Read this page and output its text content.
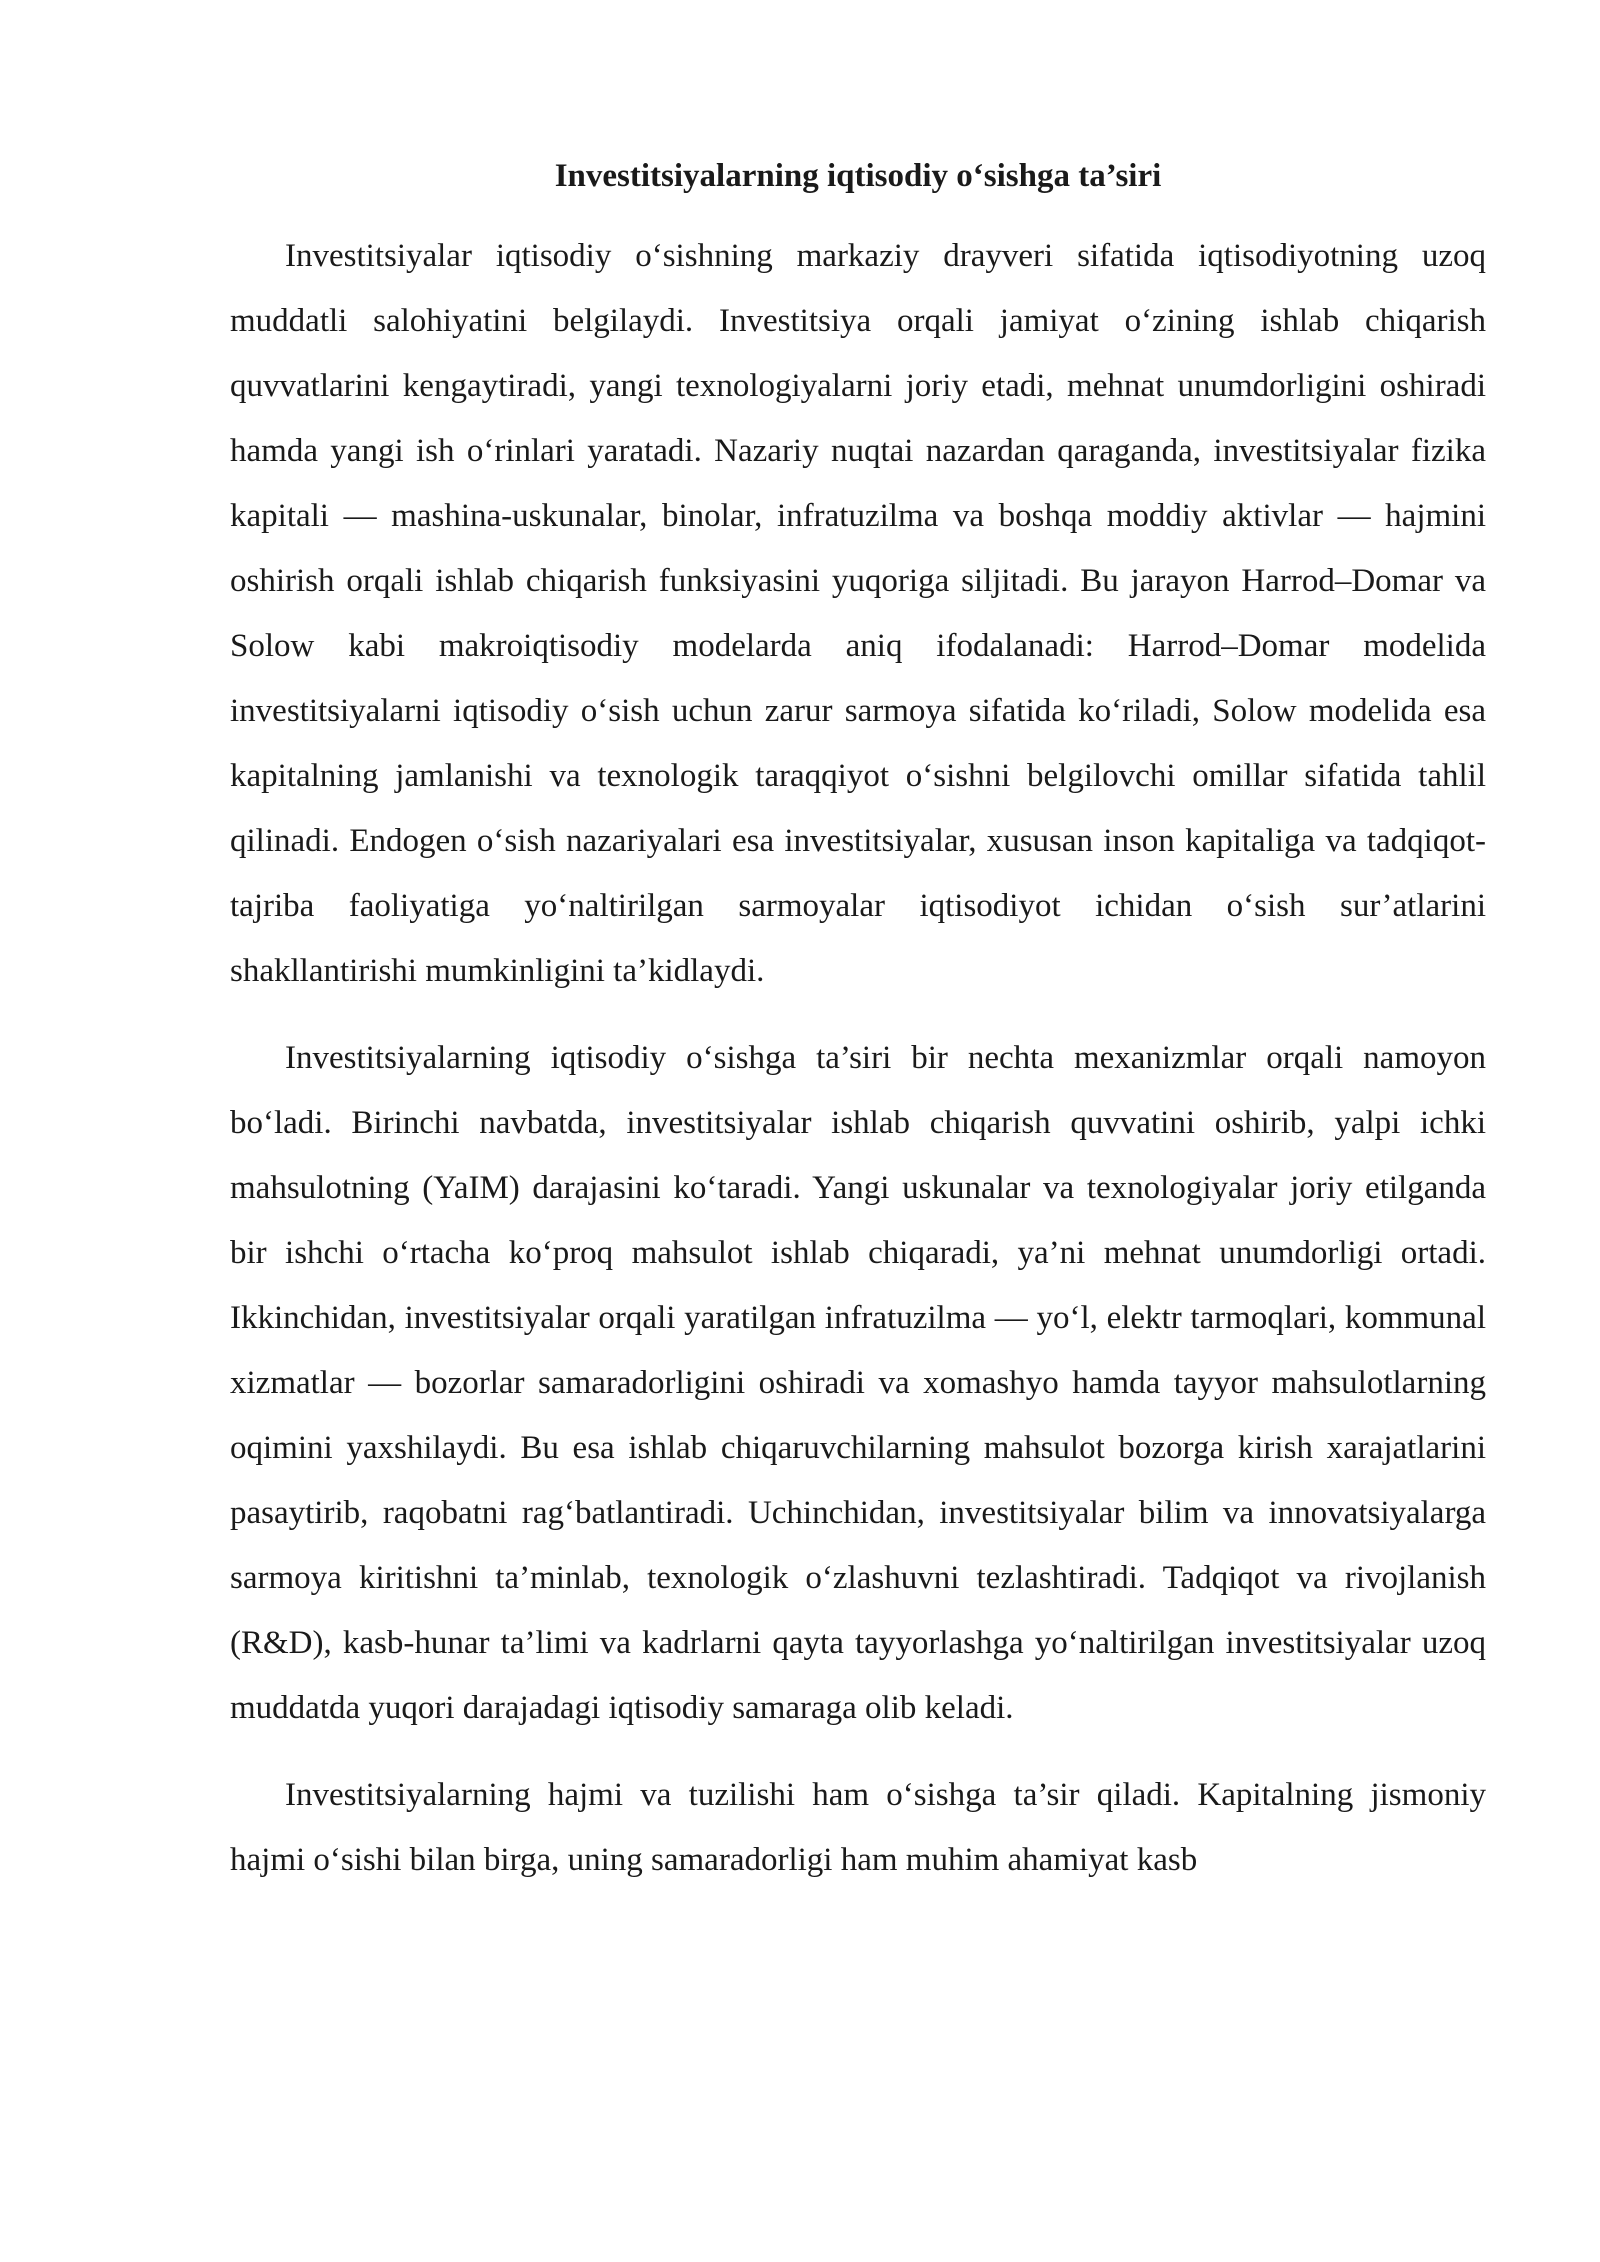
Investitsiyalarning iqtisodiy o‘sishga ta’siri

Investitsiyalar iqtisodiy o‘sishning markaziy drayveri sifatida iqtisodiyotning uzoq muddatli salohiyatini belgilaydi. Investitsiya orqali jamiyat o‘zining ishlab chiqarish quvvatlarini kengaytiradi, yangi texnologiyalarni joriy etadi, mehnat unumdorligini oshiradi hamda yangi ish o‘rinlari yaratadi. Nazariy nuqtai nazardan qaraganda, investitsiyalar fizika kapitali — mashina-uskunalar, binolar, infratuzilma va boshqa moddiy aktivlar — hajmini oshirish orqali ishlab chiqarish funksiyasini yuqoriga siljitadi. Bu jarayon Harrod–Domar va Solow kabi makroiqtisodiy modelarda aniq ifodalanadi: Harrod–Domar modelida investitsiyalarni iqtisodiy o‘sish uchun zarur sarmoya sifatida ko‘riladi, Solow modelida esa kapitalning jamlanishi va texnologik taraqqiyot o‘sishni belgilovchi omillar sifatida tahlil qilinadi. Endogen o‘sish nazariyalari esa investitsiyalar, xususan inson kapitaliga va tadqiqot-tajriba faoliyatiga yo‘naltirilgan sarmoyalar iqtisodiyot ichidan o‘sish sur’atlarini shakllantirishi mumkinligini ta’kidlaydi.

Investitsiyalarning iqtisodiy o‘sishga ta’siri bir nechta mexanizmlar orqali namoyon bo‘ladi. Birinchi navbatda, investitsiyalar ishlab chiqarish quvvatini oshirib, yalpi ichki mahsulotning (YaIM) darajasini ko‘taradi. Yangi uskunalar va texnologiyalar joriy etilganda bir ishchi o‘rtacha ko‘proq mahsulot ishlab chiqaradi, ya’ni mehnat unumdorligi ortadi. Ikkinchidan, investitsiyalar orqali yaratilgan infratuzilma — yo‘l, elektr tarmoqlari, kommunal xizmatlar — bozorlar samaradorligini oshiradi va xomashyo hamda tayyor mahsulotlarning oqimini yaxshilaydi. Bu esa ishlab chiqaruvchilarning mahsulot bozorga kirish xarajatlarini pasaytirib, raqobatni rag‘batlantiradi. Uchinchidan, investitsiyalar bilim va innovatsiyalarga sarmoya kiritishni ta’minlab, texnologik o‘zlashuvni tezlashtiradi. Tadqiqot va rivojlanish (R&D), kasb-hunar ta’limi va kadrlarni qayta tayyorlashga yo‘naltirilgan investitsiyalar uzoq muddatda yuqori darajadagi iqtisodiy samaraga olib keladi.

Investitsiyalarning hajmi va tuzilishi ham o‘sishga ta’sir qiladi. Kapitalning jismoniy hajmi o‘sishi bilan birga, uning samaradorligi ham muhim ahamiyat kasb
